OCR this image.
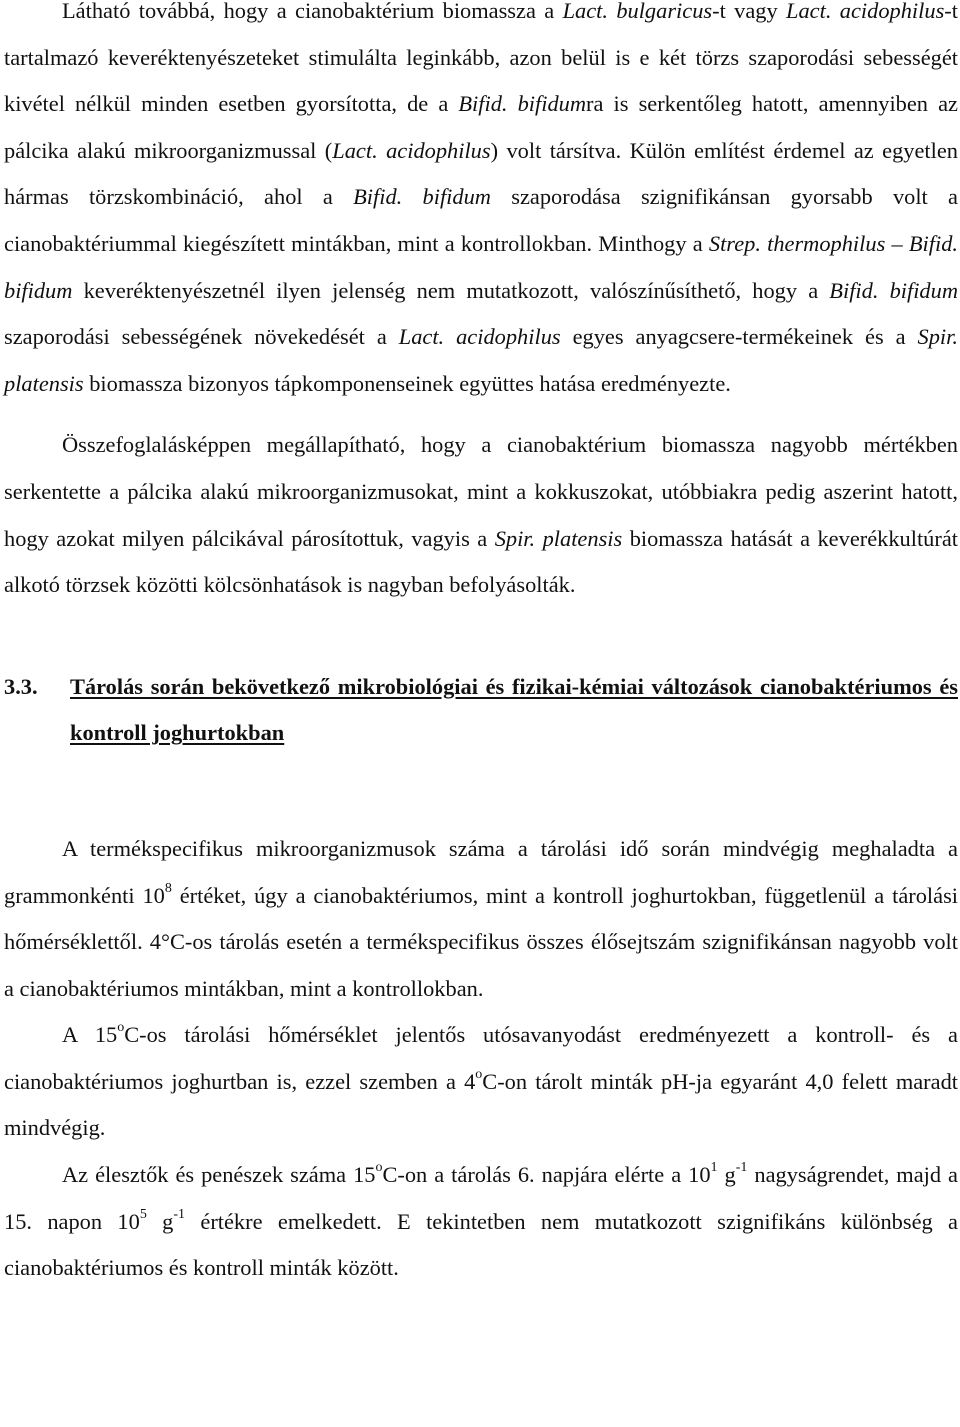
Látható továbbá, hogy a cianobaktérium biomassza a Lact. bulgaricus-t vagy Lact. acidophilus-t tartalmazó keveréktenyészeteket stimulálta leginkább, azon belül is e két törzs szaporodási sebességét kivétel nélkül minden esetben gyorsította, de a Bifid. bifidumra is serkentőleg hatott, amennyiben az pálcika alakú mikroorganizmussal (Lact. acidophilus) volt társítva. Külön említést érdemel az egyetlen hármas törzskombináció, ahol a Bifid. bifidum szaporodása szignifikánsan gyorsabb volt a cianobaktériummal kiegészített mintákban, mint a kontrollokban. Minthogy a Strep. thermophilus – Bifid. bifidum keveréktenyészetnél ilyen jelenség nem mutatkozott, valószínűsíthető, hogy a Bifid. bifidum szaporodási sebességének növekedését a Lact. acidophilus egyes anyagcsere-termékeinek és a Spir. platensis biomassza bizonyos tápkomponenseinek együttes hatása eredményezte.

Összefoglalásképpen megállapítható, hogy a cianobaktérium biomassza nagyobb mértékben serkentette a pálcika alakú mikroorganizmusokat, mint a kokkuszokat, utóbbiakra pedig aszerint hatott, hogy azokat milyen pálcikával párosítottuk, vagyis a Spir. platensis biomassza hatását a keverékkultúrát alkotó törzsek közötti kölcsönhatások is nagyban befolyásolták.

3.3.	Tárolás során bekövetkező mikrobiológiai és fizikai-kémiai változások cianobaktériumos és kontroll joghurtokban

A termékspecifikus mikroorganizmusok száma a tárolási idő során mindvégig meghaladta a grammonkénti $10^8$ értéket, úgy a cianobaktériumos, mint a kontroll joghurtokban, függetlenül a tárolási hőmérséklettől. 4°C-os tárolás esetén a termékspecifikus összes élősejtszám szignifikánsan nagyobb volt a cianobaktériumos mintákban, mint a kontrollokban.

A 15$^o$C-os tárolási hőmérséklet jelentős utósavanyodást eredményezett a kontroll- és a cianobaktériumos joghurtban is, ezzel szemben a 4$^o$C-on tárolt minták pH-ja egyaránt 4,0 felett maradt mindvégig.

Az élesztők és penészek száma 15$^o$C-on a tárolás 6. napjára elérte a $10^1$ $g^{-1}$ nagyságrendet, majd a 15. napon $10^5$ $g^{-1}$ értékre emelkedett. E tekintetben nem mutatkozott szignifikáns különbség a cianobaktériumos és kontroll minták között.
